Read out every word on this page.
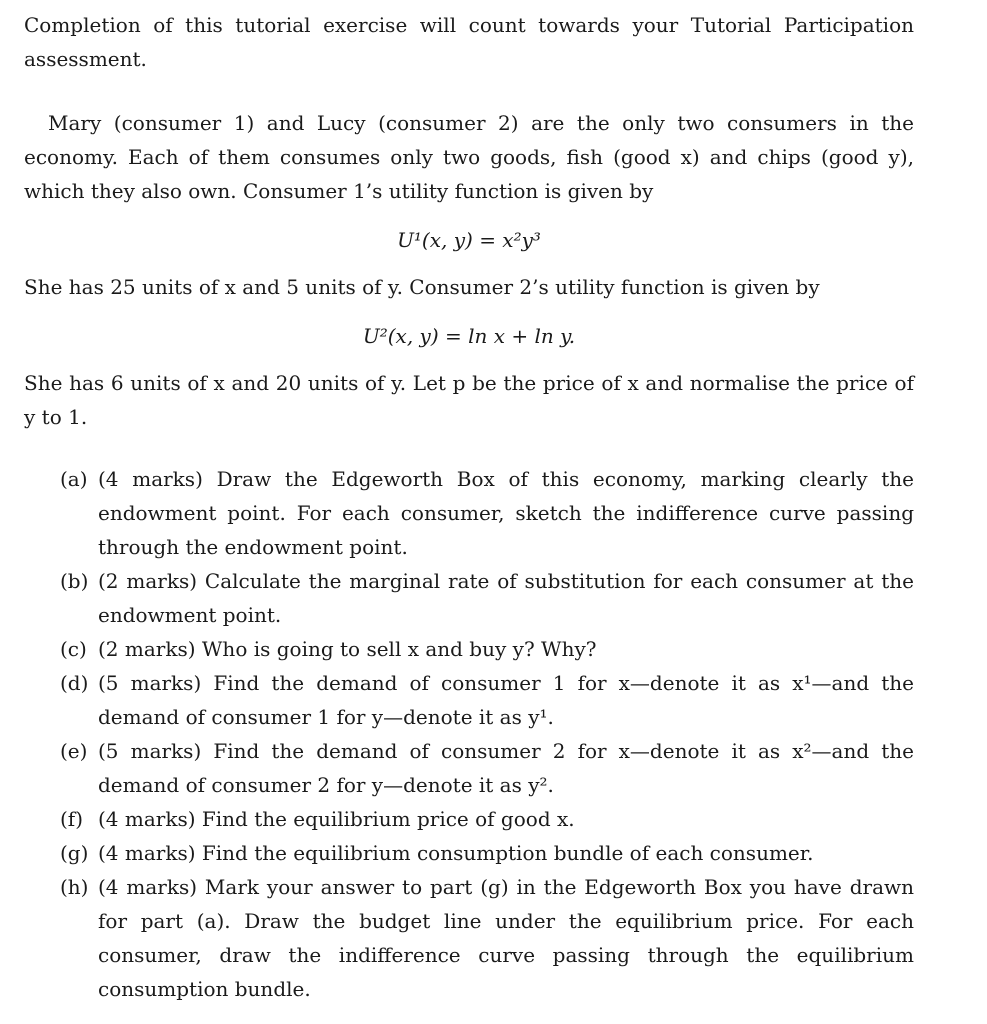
Completion of this tutorial exercise will count towards your Tutorial Participation assessment.

Mary (consumer 1) and Lucy (consumer 2) are the only two consumers in the economy. Each of them consumes only two goods, fish (good x) and chips (good y), which they also own. Consumer 1’s utility function is given by

U¹(x, y) = x²y³

She has 25 units of x and 5 units of y. Consumer 2’s utility function is given by

U²(x, y) = ln x + ln y.

She has 6 units of x and 20 units of y. Let p be the price of x and normalise the price of y to 1.

(a) (4 marks) Draw the Edgeworth Box of this economy, marking clearly the endowment point. For each consumer, sketch the indifference curve passing through the endowment point.
(b) (2 marks) Calculate the marginal rate of substitution for each consumer at the endowment point.
(c) (2 marks) Who is going to sell x and buy y? Why?
(d) (5 marks) Find the demand of consumer 1 for x—denote it as x¹—and the demand of consumer 1 for y—denote it as y¹.
(e) (5 marks) Find the demand of consumer 2 for x—denote it as x²—and the demand of consumer 2 for y—denote it as y².
(f) (4 marks) Find the equilibrium price of good x.
(g) (4 marks) Find the equilibrium consumption bundle of each consumer.
(h) (4 marks) Mark your answer to part (g) in the Edgeworth Box you have drawn for part (a). Draw the budget line under the equilibrium price. For each consumer, draw the indifference curve passing through the equilibrium consumption bundle.
